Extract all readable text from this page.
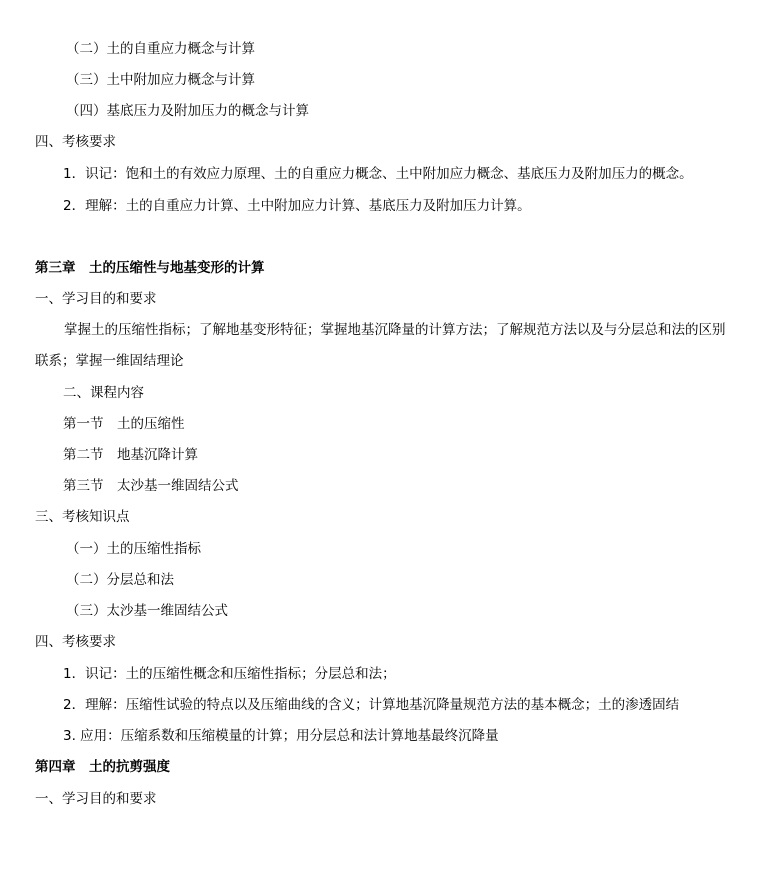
（二）土的自重应力概念与计算
（三）土中附加应力概念与计算
（四）基底压力及附加压力的概念与计算
四、考核要求
1．识记：饱和土的有效应力原理、土的自重应力概念、土中附加应力概念、基底压力及附加压力的概念。
2．理解：土的自重应力计算、土中附加应力计算、基底压力及附加压力计算。
第三章　土的压缩性与地基变形的计算
一、学习目的和要求
掌握土的压缩性指标；了解地基变形特征；掌握地基沉降量的计算方法；了解规范方法以及与分层总和法的区别联系；掌握一维固结理论
二、课程内容
第一节　土的压缩性
第二节　地基沉降计算
第三节　太沙基一维固结公式
三、考核知识点
（一）土的压缩性指标
（二）分层总和法
（三）太沙基一维固结公式
四、考核要求
1．识记：土的压缩性概念和压缩性指标；分层总和法；
2．理解：压缩性试验的特点以及压缩曲线的含义；计算地基沉降量规范方法的基本概念；土的渗透固结
3. 应用：压缩系数和压缩模量的计算；用分层总和法计算地基最终沉降量
第四章　土的抗剪强度
一、学习目的和要求
